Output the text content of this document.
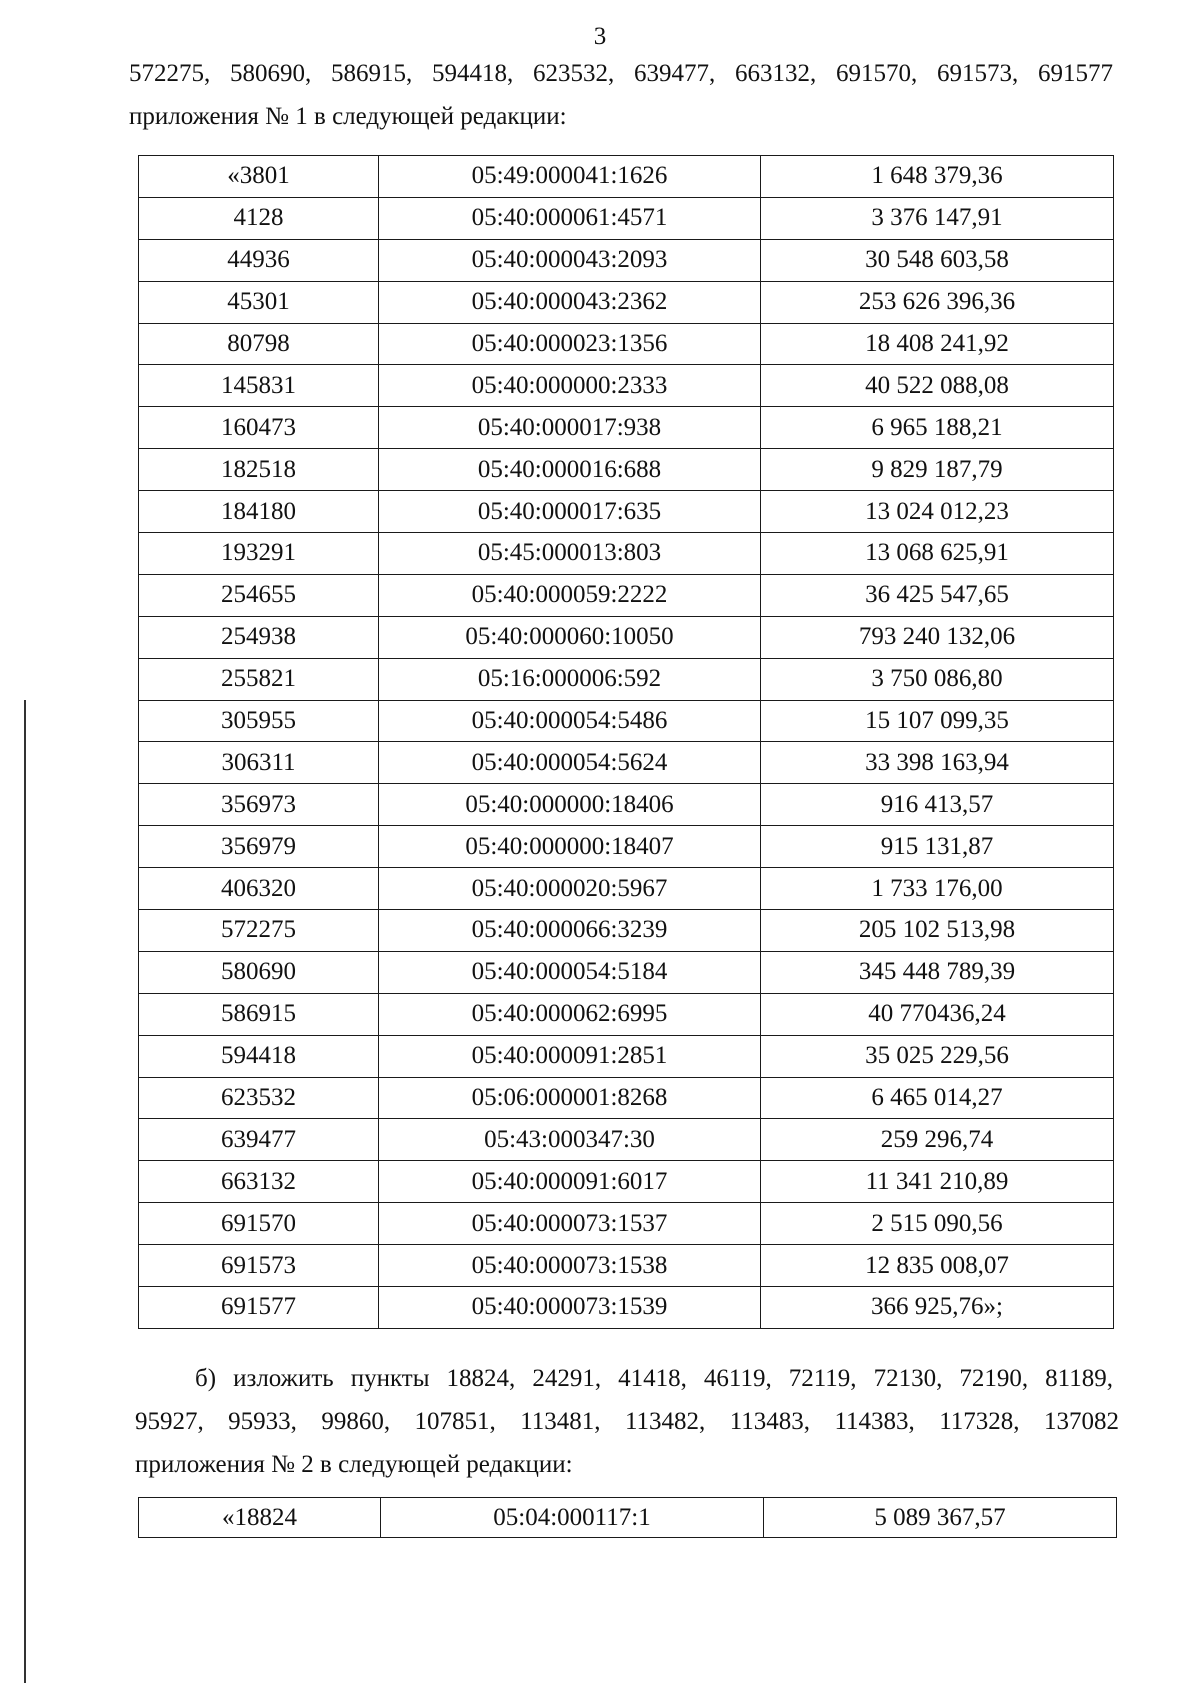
3
572275, 580690, 586915, 594418, 623532, 639477, 663132, 691570, 691573, 691577
приложения № 1 в следующей редакции:
«3801	05:49:000041:1626	1 648 379,36
4128	05:40:000061:4571	3 376 147,91
44936	05:40:000043:2093	30 548 603,58
45301	05:40:000043:2362	253 626 396,36
80798	05:40:000023:1356	18 408 241,92
145831	05:40:000000:2333	40 522 088,08
160473	05:40:000017:938	6 965 188,21
182518	05:40:000016:688	9 829 187,79
184180	05:40:000017:635	13 024 012,23
193291	05:45:000013:803	13 068 625,91
254655	05:40:000059:2222	36 425 547,65
254938	05:40:000060:10050	793 240 132,06
255821	05:16:000006:592	3 750 086,80
305955	05:40:000054:5486	15 107 099,35
306311	05:40:000054:5624	33 398 163,94
356973	05:40:000000:18406	916 413,57
356979	05:40:000000:18407	915 131,87
406320	05:40:000020:5967	1 733 176,00
572275	05:40:000066:3239	205 102 513,98
580690	05:40:000054:5184	345 448 789,39
586915	05:40:000062:6995	40 770436,24
594418	05:40:000091:2851	35 025 229,56
623532	05:06:000001:8268	6 465 014,27
639477	05:43:000347:30	259 296,74
663132	05:40:000091:6017	11 341 210,89
691570	05:40:000073:1537	2 515 090,56
691573	05:40:000073:1538	12 835 008,07
691577	05:40:000073:1539	366 925,76»;
б) изложить пункты 18824, 24291, 41418, 46119, 72119, 72130, 72190, 81189,
95927, 95933, 99860, 107851, 113481, 113482, 113483, 114383, 117328, 137082
приложения № 2 в следующей редакции:
«18824	05:04:000117:1	5 089 367,57
